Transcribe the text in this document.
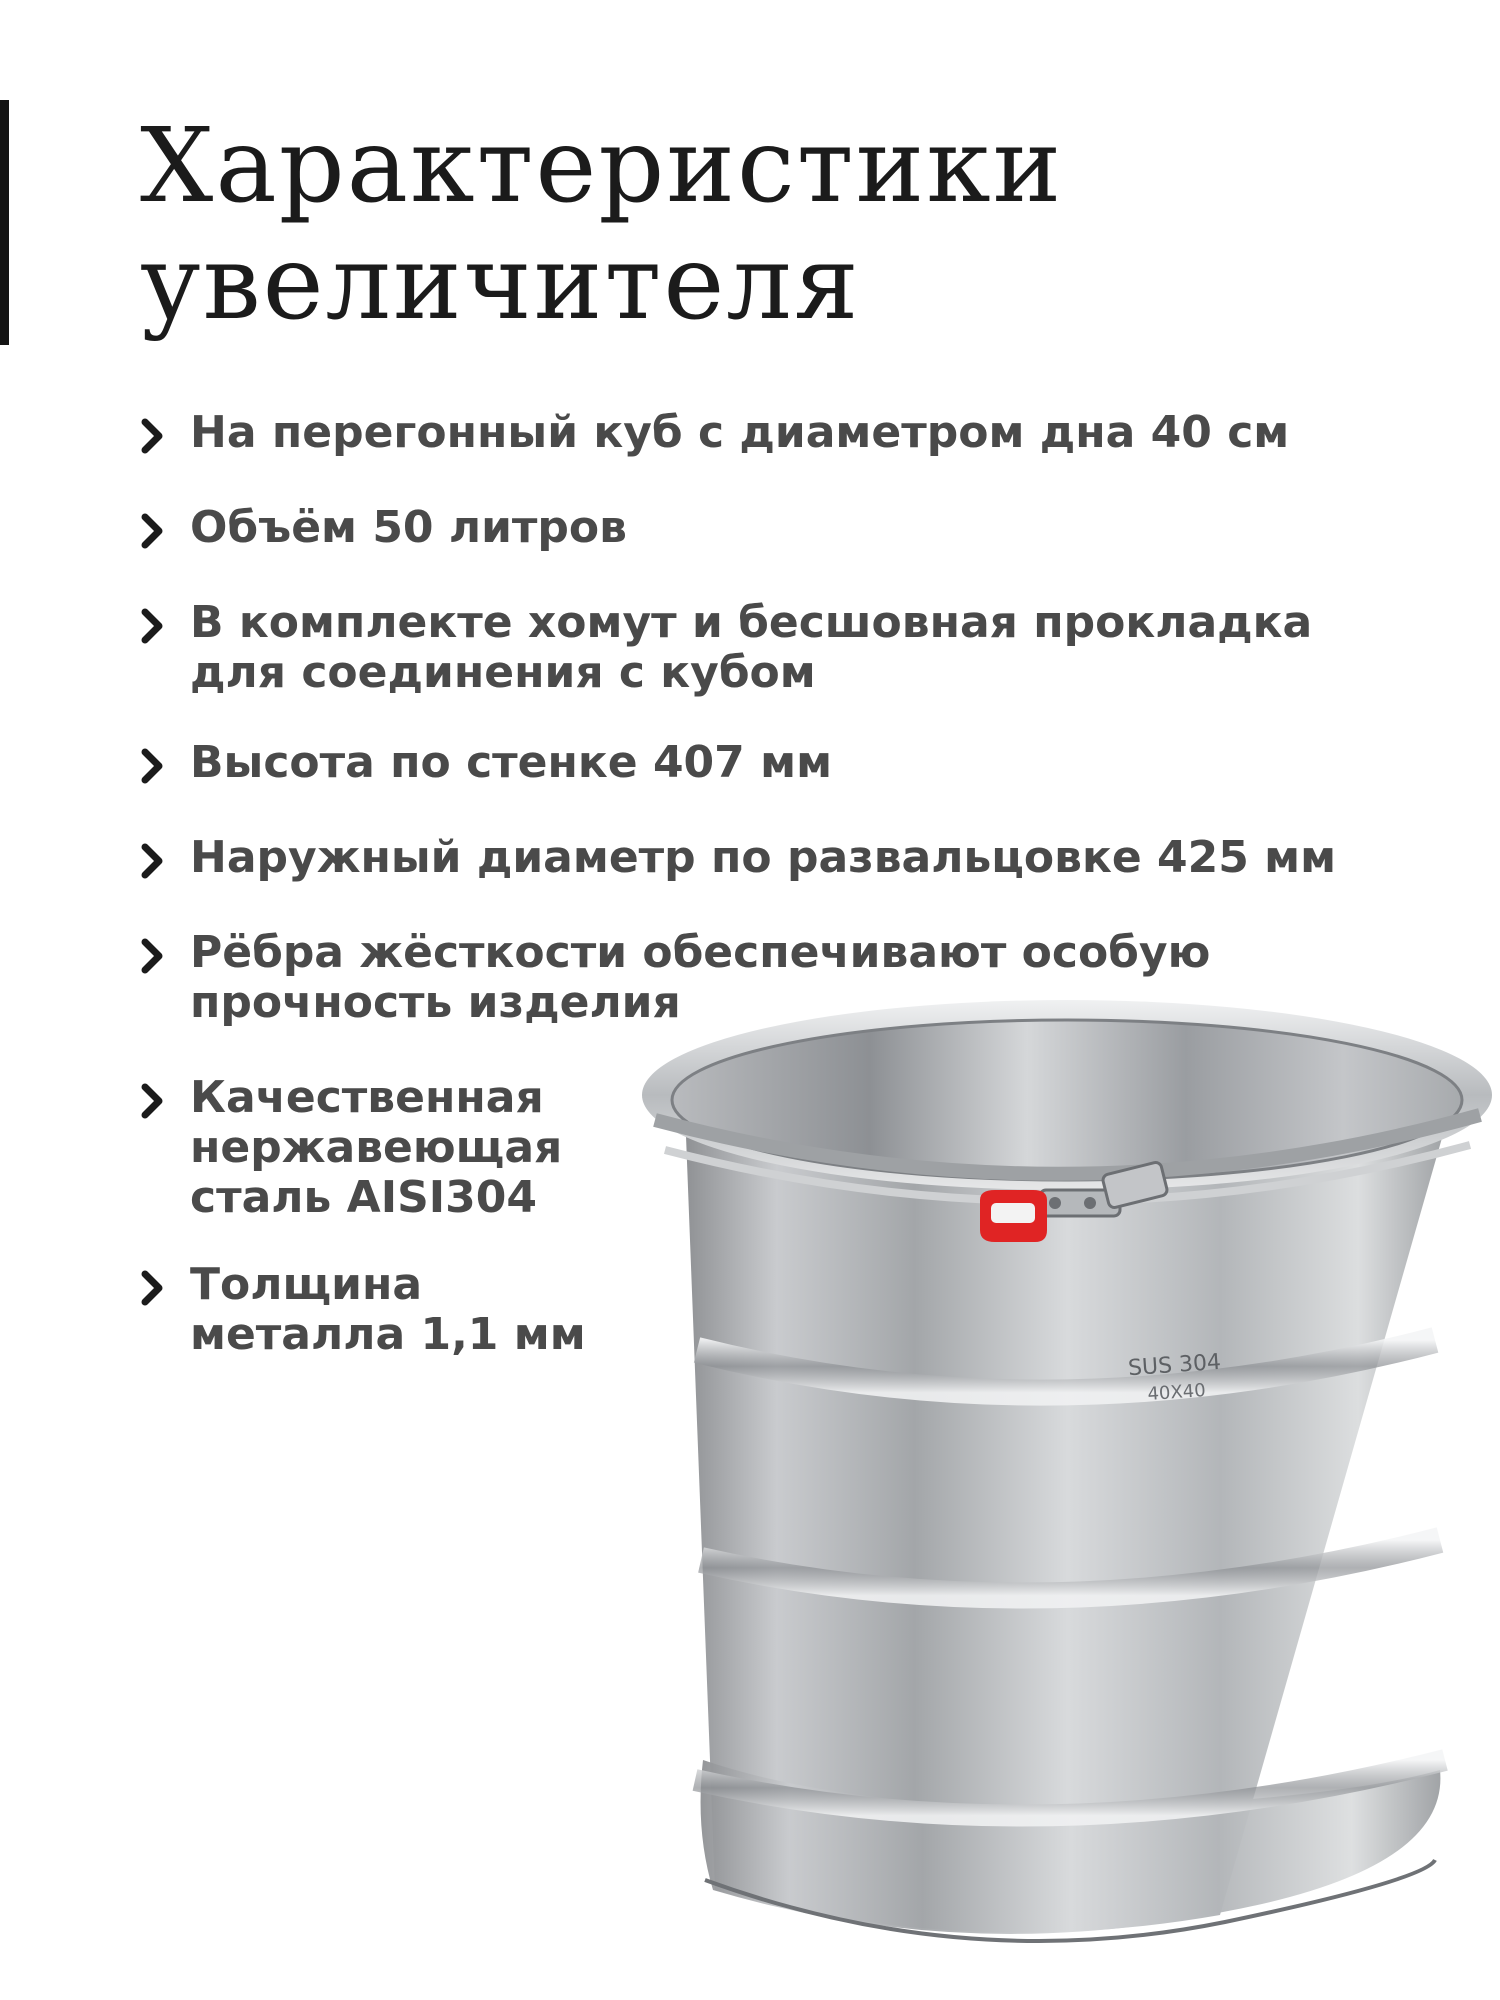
Характеристики
увеличителя
На перегонный куб с диаметром дна 40 см
Объём 50 литров
В комплекте хомут и бесшовная прокладка
для соединения с кубом
Высота по стенке 407 мм
Наружный диаметр по развальцовке 425 мм
Рёбра жёсткости обеспечивают особую
прочность изделия
Качественная
нержавеющая
сталь AISI304
Толщина
металла 1,1 мм
SUS 304
40X40
